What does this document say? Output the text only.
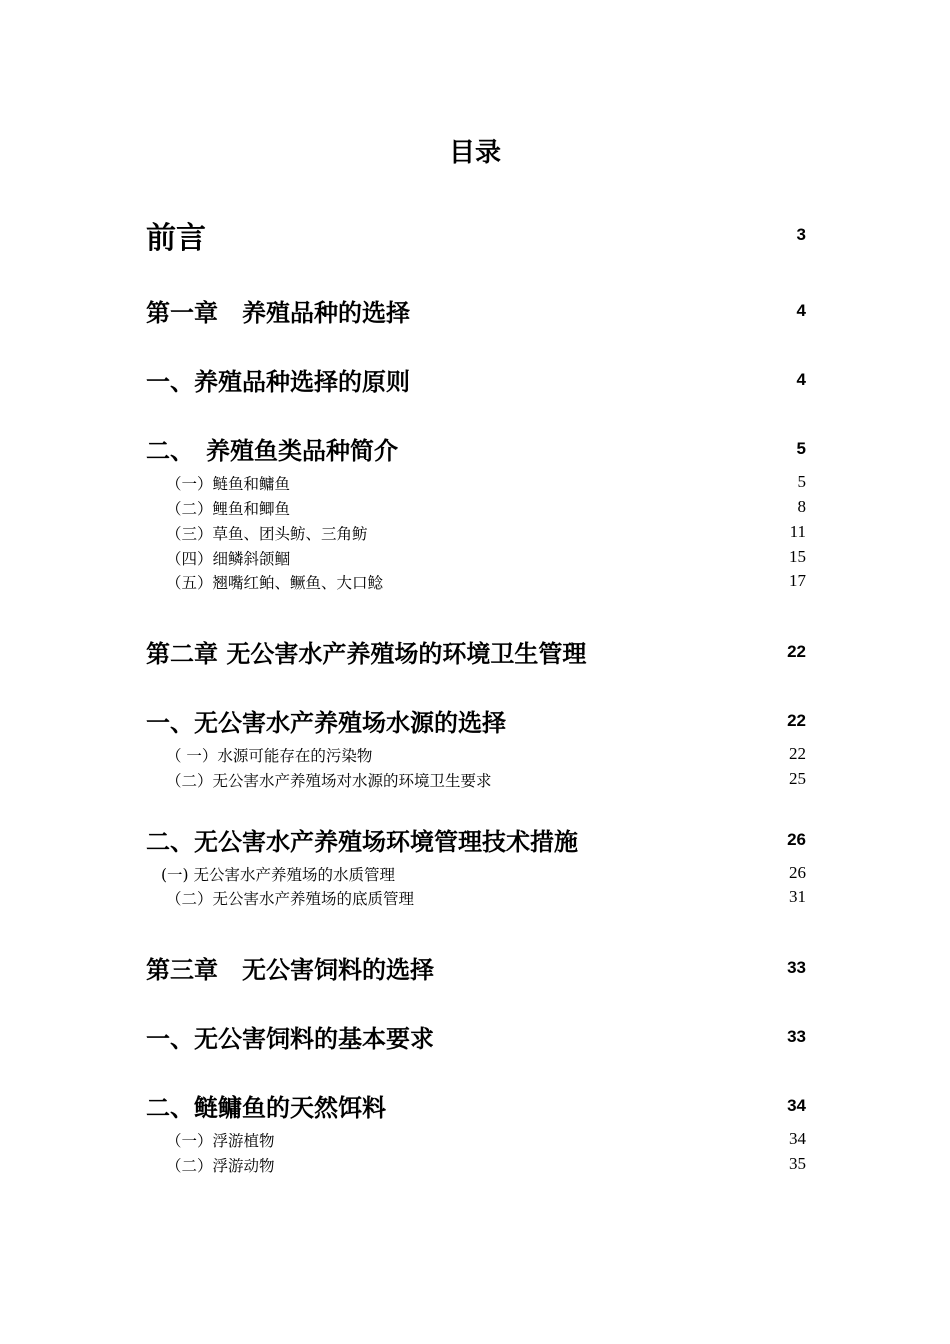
目录
前言	3
第一章　养殖品种的选择	4
一、养殖品种选择的原则	4
二、　养殖鱼类品种简介	5
（一）鲢鱼和鳙鱼	5
（二）鲤鱼和鲫鱼	8
（三）草鱼、团头鲂、三角鲂	11
（四）细鳞斜颌鲴	15
（五）翘嘴红鲌、鳜鱼、大口鲶	17
第二章 无公害水产养殖场的环境卫生管理	22
一、无公害水产养殖场水源的选择	22
（ 一）水源可能存在的污染物	22
（二）无公害水产养殖场对水源的环境卫生要求	25
二、无公害水产养殖场环境管理技术措施	26
(一) 无公害水产养殖场的水质管理	26
（二）无公害水产养殖场的底质管理	31
第三章　无公害饲料的选择	33
一、无公害饲料的基本要求	33
二、鲢鳙鱼的天然饵料	34
（一）浮游植物	34
（二）浮游动物	35
